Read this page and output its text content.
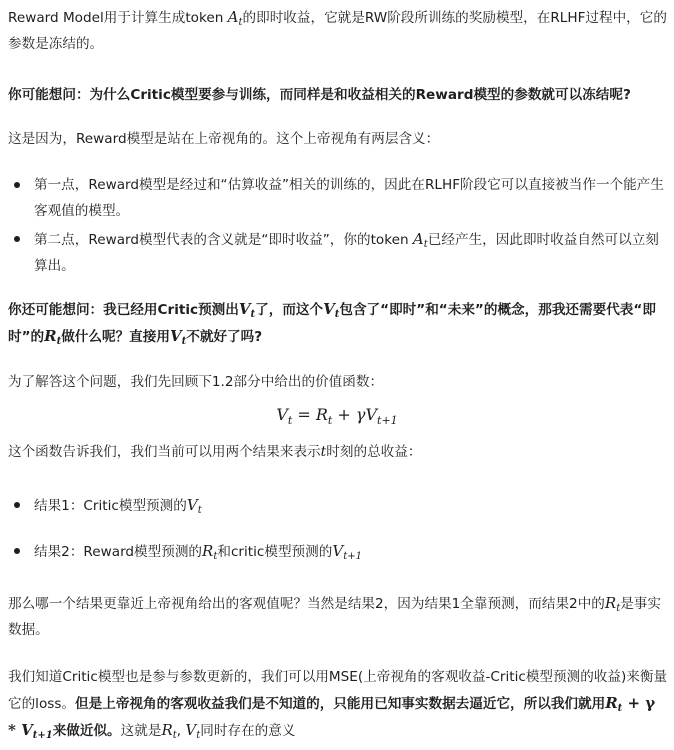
Reward Model用于计算生成token $A_t$的即时收益，它就是RW阶段所训练的奖励模型，在RLHF过程中，它的参数是冻结的。

你可能想问：为什么Critic模型要参与训练，而同样是和收益相关的Reward模型的参数就可以冻结呢?

这是因为，Reward模型是站在上帝视角的。这个上帝视角有两层含义：

第一点，Reward模型是经过和“估算收益”相关的训练的，因此在RLHF阶段它可以直接被当作一个能产生客观值的模型。
第二点，Reward模型代表的含义就是“即时收益”，你的token $A_t$已经产生，因此即时收益自然可以立刻算出。

你还可能想问：我已经用Critic预测出$V_t$了，而这个$V_t$包含了“即时”和“未来”的概念，那我还需要代表“即时”的$R_t$做什么呢？直接用$V_t$不就好了吗?

为了解答这个问题，我们先回顾下1.2部分中给出的价值函数：

$V_t = R_t + \gamma V_{t+1}$

这个函数告诉我们，我们当前可以用两个结果来表示t时刻的总收益：

结果1：Critic模型预测的$V_t$
结果2：Reward模型预测的$R_t$和critic模型预测的$V_{t+1}$

那么哪一个结果更靠近上帝视角给出的客观值呢？当然是结果2，因为结果1全靠预测，而结果2中的$R_t$是事实数据。

我们知道Critic模型也是参与参数更新的，我们可以用MSE(上帝视角的客观收益-Critic模型预测的收益)来衡量它的loss。但是上帝视角的客观收益我们是不知道的，只能用已知事实数据去逼近它，所以我们就用$R_t + \gamma * V_{t+1}$来做近似。这就是$R_t$, $V_t$同时存在的意义
